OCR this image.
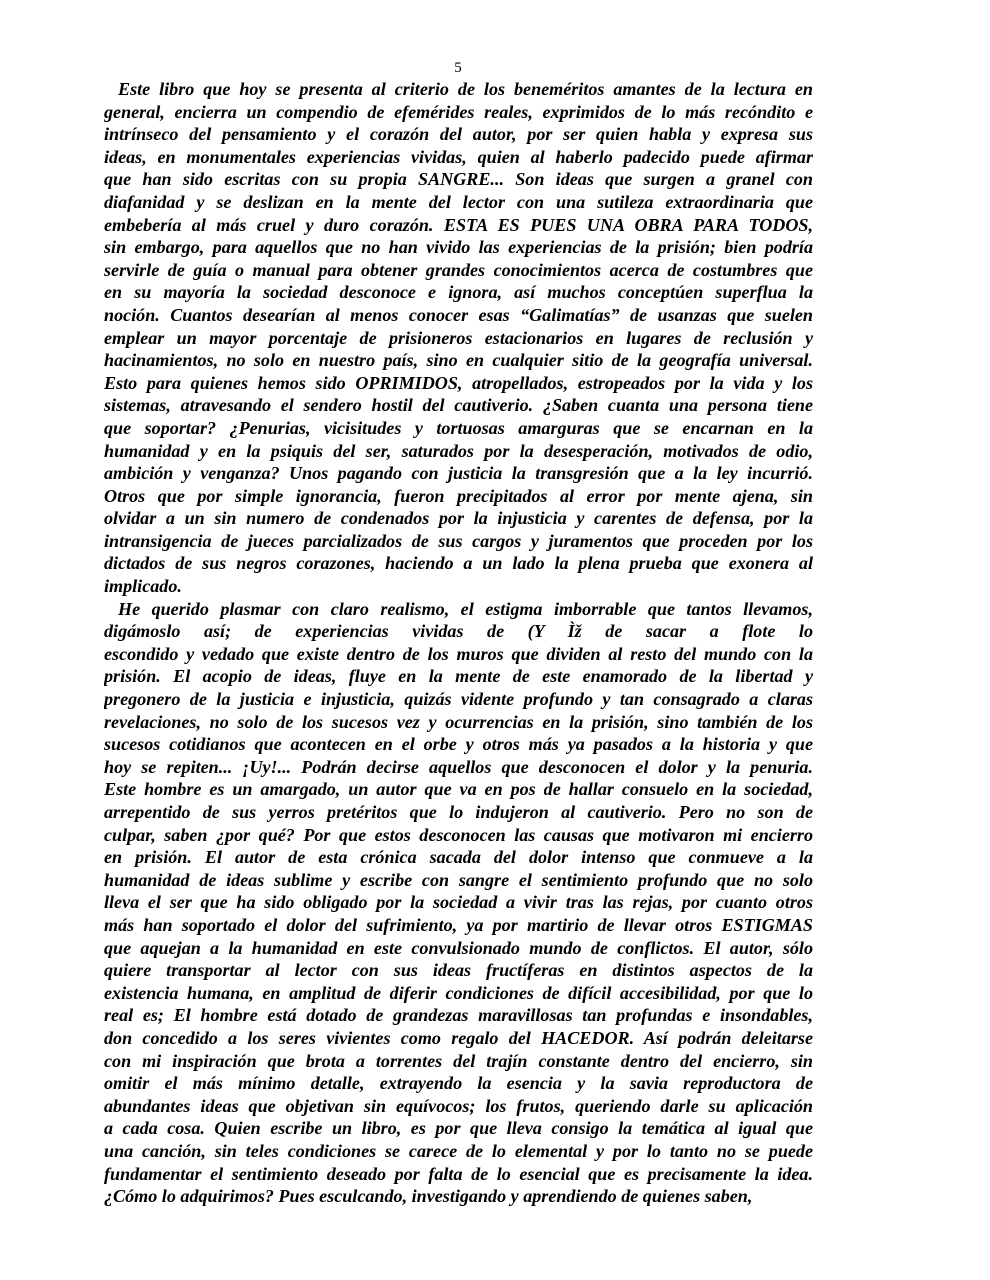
5
Este libro que hoy se presenta al criterio de los beneméritos amantes de la lectura en
general, encierra un compendio de efemérides reales, exprimidos de lo más recóndito e
intrínseco del pensamiento y el corazón del autor, por ser quien habla y expresa sus
ideas, en monumentales experiencias vividas, quien al haberlo padecido puede afirmar
que han sido escritas con su propia SANGRE... Son ideas que surgen a granel con
diafanidad y se deslizan en la mente del lector con una sutileza extraordinaria que
embebería al más cruel y duro corazón. ESTA ES PUES UNA OBRA PARA TODOS,
sin embargo, para aquellos que no han vivido las experiencias de la prisión; bien podría
servirle de guía o manual para obtener grandes conocimientos acerca de costumbres que
en su mayoría la sociedad desconoce e ignora, así muchos conceptúen superflua la
noción. Cuantos desearían al menos conocer esas “Galimatías” de usanzas que suelen
emplear un mayor porcentaje de prisioneros estacionarios en lugares de reclusión y
hacinamientos, no solo en nuestro país, sino en cualquier sitio de la geografía universal.
Esto para quienes hemos sido OPRIMIDOS, atropellados, estropeados por la vida y los
sistemas, atravesando el sendero hostil del cautiverio. ¿Saben cuanta una persona tiene
que soportar? ¿Penurias, vicisitudes y tortuosas amarguras que se encarnan en la
humanidad y en la psiquis del ser, saturados por la desesperación, motivados de odio,
ambición y venganza? Unos pagando con justicia la transgresión que a la ley incurrió.
Otros que por simple ignorancia, fueron precipitados al error por mente ajena, sin
olvidar a un sin numero de condenados por la injusticia y carentes de defensa, por la
intransigencia de jueces parcializados de sus cargos y juramentos que proceden por los
dictados de sus negros corazones, haciendo a un lado la plena prueba que exonera al
implicado.
He querido plasmar con claro realismo, el estigma imborrable que tantos llevamos,
digámoslo así; de experiencias vividas de (Y Ìž de sacar a flote lo
escondido y vedado que existe dentro de los muros que dividen al resto del mundo con la
prisión. El acopio de ideas, fluye en la mente de este enamorado de la libertad y
pregonero de la justicia e injusticia, quizás vidente profundo y tan consagrado a claras
revelaciones, no solo de los sucesos vez y ocurrencias en la prisión, sino también de los
sucesos cotidianos que acontecen en el orbe y otros más ya pasados a la historia y que
hoy se repiten... ¡Uy!... Podrán decirse aquellos que desconocen el dolor y la penuria.
Este hombre es un amargado, un autor que va en pos de hallar consuelo en la sociedad,
arrepentido de sus yerros pretéritos que lo indujeron al cautiverio. Pero no son de
culpar, saben ¿por qué? Por que estos desconocen las causas que motivaron mi encierro
en prisión. El autor de esta crónica sacada del dolor intenso que conmueve a la
humanidad de ideas sublime y escribe con sangre el sentimiento profundo que no solo
lleva el ser que ha sido obligado por la sociedad a vivir tras las rejas, por cuanto otros
más han soportado el dolor del sufrimiento, ya por martirio de llevar otros ESTIGMAS
que aquejan a la humanidad en este convulsionado mundo de conflictos. El autor, sólo
quiere transportar al lector con sus ideas fructíferas en distintos aspectos de la
existencia humana, en amplitud de diferir condiciones de difícil accesibilidad, por que lo
real es; El hombre está dotado de grandezas maravillosas tan profundas e insondables,
don concedido a los seres vivientes como regalo del HACEDOR. Así podrán deleitarse
con mi inspiración que brota a torrentes del trajín constante dentro del encierro, sin
omitir el más mínimo detalle, extrayendo la esencia y la savia reproductora de
abundantes ideas que objetivan sin equívocos; los frutos, queriendo darle su aplicación
a cada cosa. Quien escribe un libro, es por que lleva consigo la temática al igual que
una canción, sin teles condiciones se carece de lo elemental y por lo tanto no se puede
fundamentar el sentimiento deseado por falta de lo esencial que es precisamente la idea.
¿Cómo lo adquirimos? Pues esculcando, investigando y aprendiendo de quienes saben,
